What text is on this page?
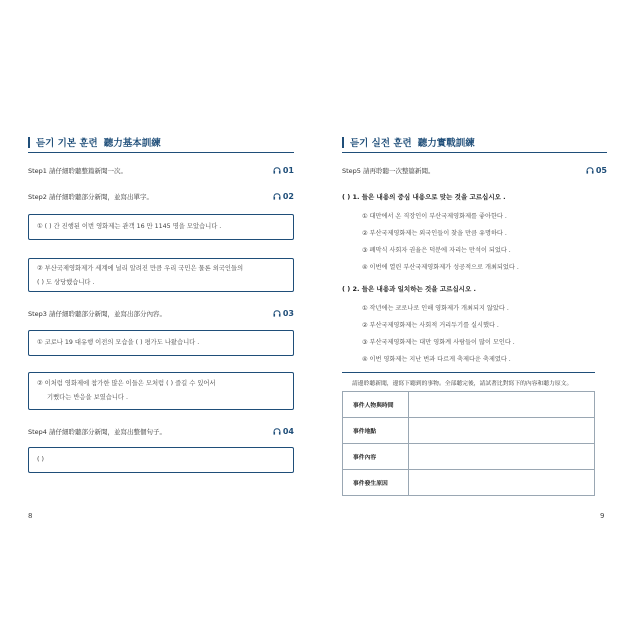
듣기 기본 훈련 聽力基本訓練
Step1 請仔細聆聽整篇新聞一次。	01
Step2 請仔細聆聽部分新聞，並寫出單字。	02
① ( ) 간 진행된 이번 영화제는 관객 16 만 1145 명을 모았습니다 .
② 부산국제영화제가 세계에 널리 알려진 만큼 우리 국민은 물론 외국인들의
( ) 도 상당했습니다 .
Step3 請仔細聆聽部分新聞，並寫出部分內容。	03
① 코로나 19 대유행 이전의 모습을 ( ) 평가도 나왔습니다 .
② 이처럼 영화제에 참가한 많은 이들은 모처럼 ( ) 즐길 수 있어서
기뻤다는 반응을 보였습니다 .
Step4 請仔細聆聽部分新聞，並寫出整個句子。	04
( )
8
듣기 실전 훈련 聽力實戰訓練
Step5 請再聆聽一次整篇新聞。	05
( ) 1. 들은 내용의 중심 내용으로 맞는 것을 고르십시오 .
① 대만에서 온 직장인이 부산국제영화제를 좋아한다 .
② 부산국제영화제는 외국인들이 찾을 만큼 유명하다 .
③ 폐막식 사회자 권율은 덕분에 자리는 만석이 되었다 .
④ 이번에 열린 부산국제영화제가 성공적으로 개최되었다 .
( ) 2. 들은 내용과 일치하는 것을 고르십시오 .
① 작년에는 코로나로 인해 영화제가 개최되지 않았다 .
② 부산국제영화제는 사회적 거리두기를 실시했다 .
③ 부산국제영화제는 대만 영화계 사람들이 많이 모인다 .
④ 이번 영화제는 지난 번과 다르게 축제다운 축제였다 .
請邊聆聽新聞，邊寫下聽到的事物。全部聽完後，請試著比對寫下的內容和聽力原文。
事件人物與時間	
事件地點	
事件內容	
事件發生原因	
9
